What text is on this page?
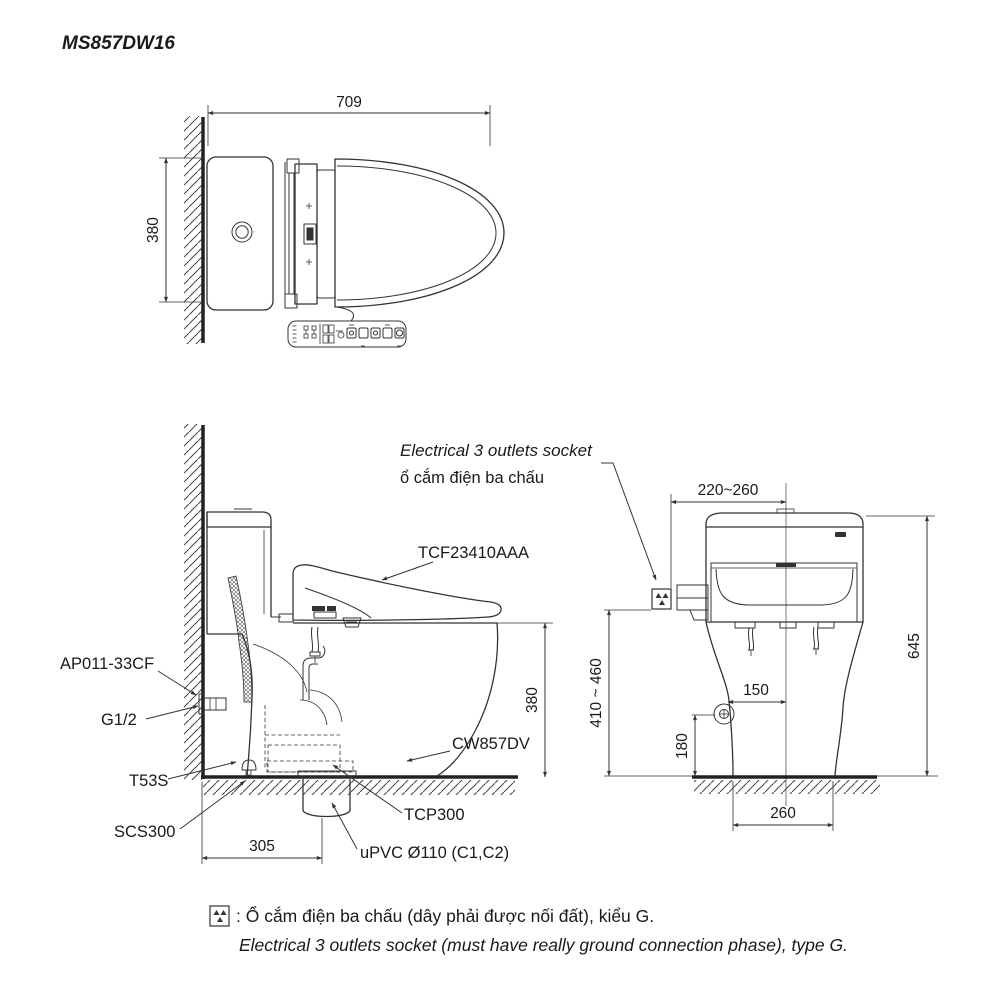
MS857DW16
709
380
305
380
Electrical 3 outlets socket
ổ cắm điện ba chấu
TCF23410AAA
AP011-33CF
G1/2
T53S
SCS300
CW857DV
TCP300
uPVC Ø110 (C1,C2)
220~260
645
410 ~ 460	150
180
260
: Ổ cắm điện ba chấu (dây phải được nối đất), kiểu G.
Electrical 3 outlets socket (must have really ground connection phase), type G.
